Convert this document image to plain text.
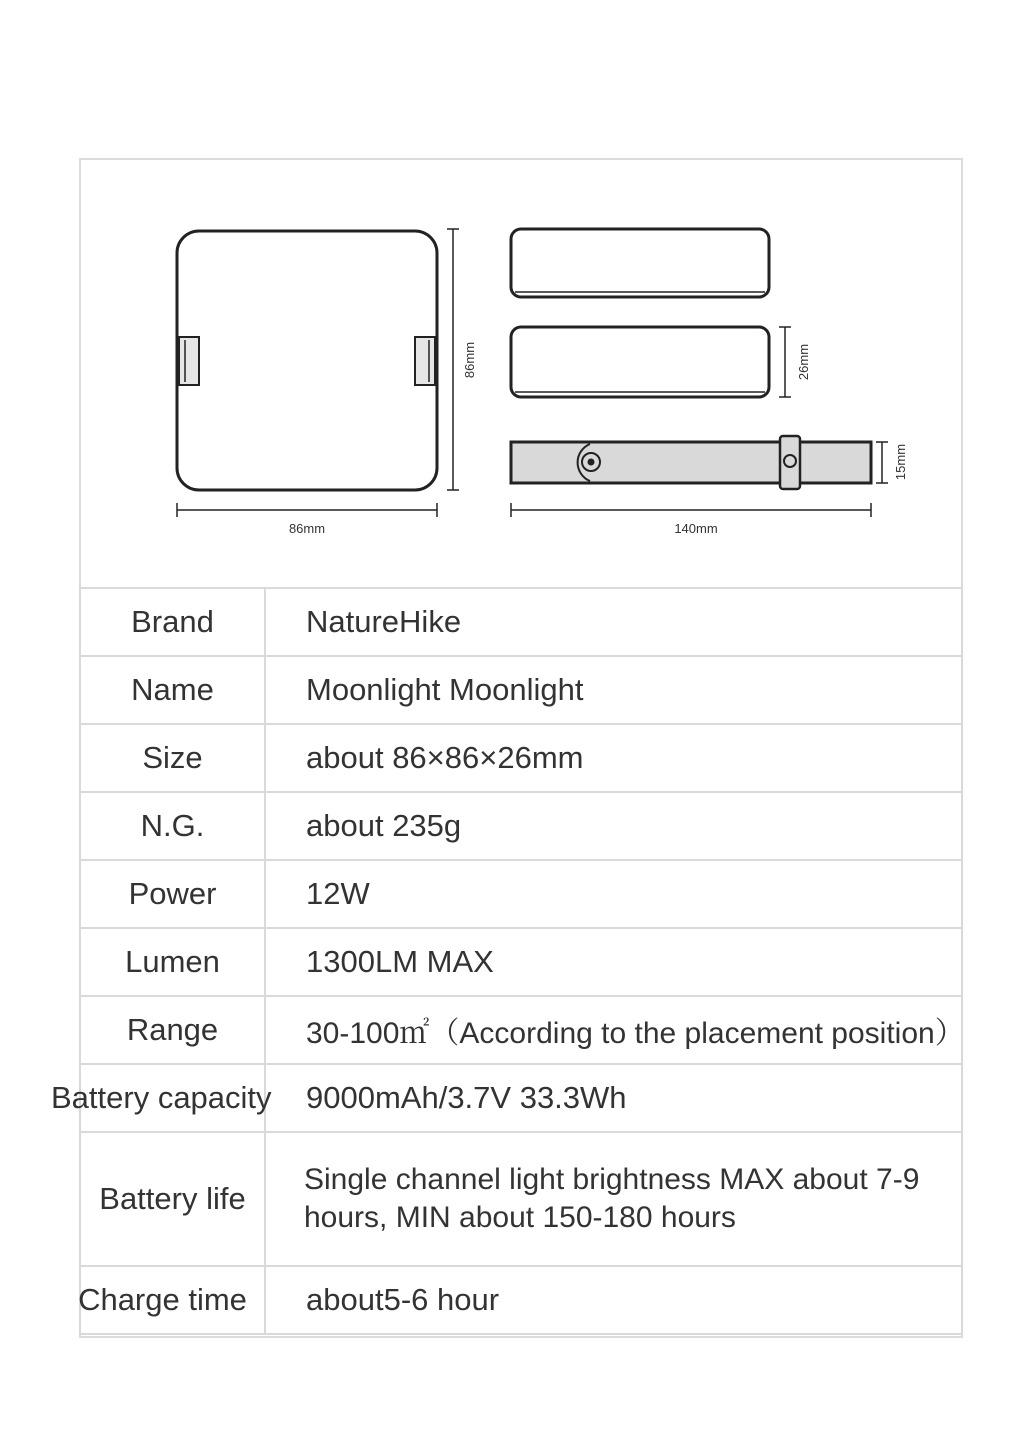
86mm
86mm
26mm
15mm
140mm
Brand	NatureHike
Name	Moonlight Moonlight
Size	about 86×86×26mm
N.G.	about 235g
Power	12W
Lumen	1300LM MAX
Range	30-100㎡（According to the placement position）
Battery capacity	9000mAh/3.7V 33.3Wh
Battery life	Single channel light brightness MAX about 7-9 hours, MIN about 150-180 hours
Charge time	about5-6 hour
